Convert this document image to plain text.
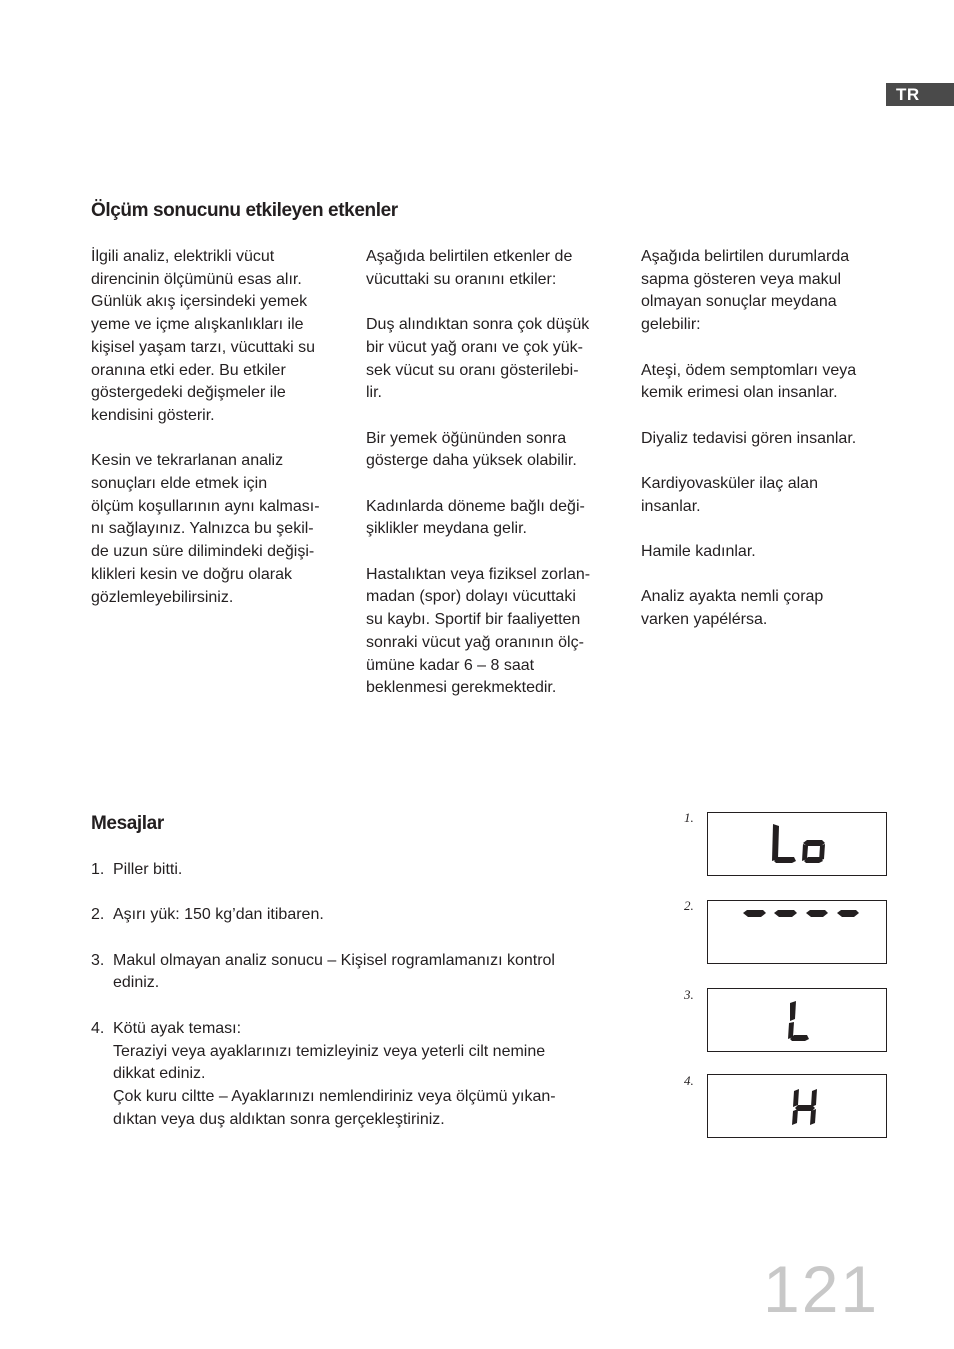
TR
Ölçüm sonucunu etkileyen etkenler

İlgili analiz, elektrikli vücut
direncinin ölçümünü esas alır.
Günlük akış içersindeki yemek
yeme ve içme alışkanlıkları ile
kişisel yaşam tarzı, vücuttaki su
oranına etki eder. Bu etkiler
göstergedeki değişmeler ile
kendisini gösterir.

Kesin ve tekrarlanan analiz
sonuçları elde etmek için
ölçüm koşullarının aynı kalması-
nı sağlayınız. Yalnızca bu şekil-
de uzun süre dilimindeki değişi-
klikleri kesin ve doğru olarak
gözlemleyebilirsiniz.

Aşağıda belirtilen etkenler de
vücuttaki su oranını etkiler:

Duş alındıktan sonra çok düşük
bir vücut yağ oranı ve çok yük-
sek vücut su oranı gösterilebi-
lir.

Bir yemek öğününden sonra
gösterge daha yüksek olabilir.

Kadınlarda döneme bağlı deği-
şiklikler meydana gelir.

Hastalıktan veya fiziksel zorlan-
madan (spor) dolayı vücuttaki
su kaybı. Sportif bir faaliyetten
sonraki vücut yağ oranının ölç-
ümüne kadar 6 – 8 saat
beklenmesi gerekmektedir.

Aşağıda belirtilen durumlarda
sapma gösteren veya makul
olmayan sonuçlar meydana
gelebilir:

Ateşi, ödem semptomları veya
kemik erimesi olan insanlar.

Diyaliz tedavisi gören insanlar.

Kardiyovasküler ilaç alan
insanlar.

Hamile kadınlar.

Analiz ayakta nemli çorap
varken yapélérsa.

Mesajlar
1. Piller bitti.
2. Aşırı yük: 150 kg’dan itibaren.
3. Makul olmayan analiz sonucu – Kişisel rogramlamanızı kontrol
ediniz.
4. Kötü ayak teması:
Teraziyi veya ayaklarınızı temizleyiniz veya yeterli cilt nemine
dikkat ediniz.
Çok kuru ciltte – Ayaklarınızı nemlendiriniz veya ölçümü yıkan-
dıktan veya duş aldıktan sonra gerçekleştiriniz.
1.
2.
3.
4.
121
